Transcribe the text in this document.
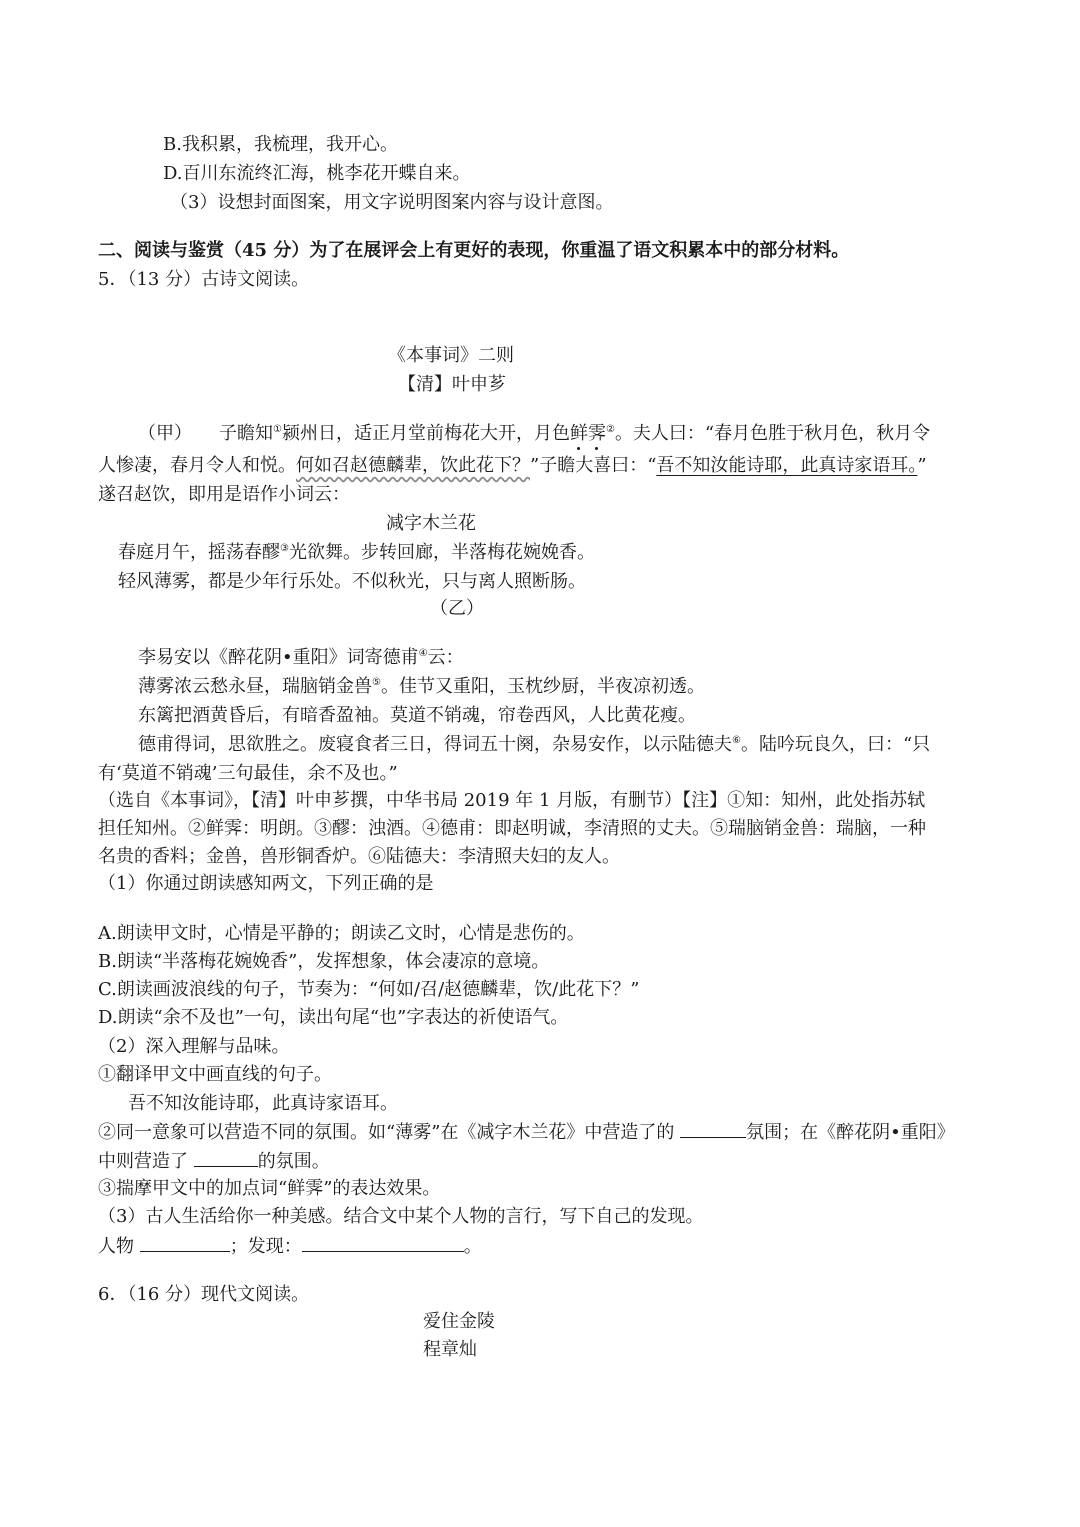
B.我积累，我梳理，我开心。
D.百川东流终汇海，桃李花开蝶自来。
（3）设想封面图案，用文字说明图案内容与设计意图。
二、阅读与鉴赏（45 分）为了在展评会上有更好的表现，你重温了语文积累本中的部分材料。
5．（13 分）古诗文阅读。
《本事词》二则
【清】叶申芗
（甲）　　子瞻知①颍州日，适正月堂前梅花大开，月色鲜霁②。夫人曰：“春月色胜于秋月色，秋月令
人惨凄，春月令人和悦。何如召赵德麟辈，饮此花下？”子瞻大喜曰：“吾不知汝能诗耶，此真诗家语耳。”
遂召赵饮，即用是语作小词云：
减字木兰花
春庭月午，摇荡春醪③光欲舞。步转回廊，半落梅花婉娩香。
轻风薄雾，都是少年行乐处。不似秋光，只与离人照断肠。
（乙）
李易安以《醉花阴•重阳》词寄德甫④云：
薄雾浓云愁永昼，瑞脑销金兽⑤。佳节又重阳，玉枕纱厨，半夜凉初透。
东篱把酒黄昏后，有暗香盈袖。莫道不销魂，帘卷西风，人比黄花瘦。
德甫得词，思欲胜之。废寝食者三日，得词五十阕，杂易安作，以示陆德夫⑥。陆吟玩良久，曰：“只
有‘莫道不销魂’三句最佳，余不及也。”
（选自《本事词》，【清】叶申芗撰，中华书局 2019 年 1 月版，有删节）【注】①知：知州，此处指苏轼
担任知州。②鲜霁：明朗。③醪：浊酒。④德甫：即赵明诚，李清照的丈夫。⑤瑞脑销金兽：瑞脑，一种
名贵的香料；金兽，兽形铜香炉。⑥陆德夫：李清照夫妇的友人。
（1）你通过朗读感知两文，下列正确的是
A.朗读甲文时，心情是平静的；朗读乙文时，心情是悲伤的。
B.朗读“半落梅花婉娩香”，发挥想象，体会凄凉的意境。
C.朗读画波浪线的句子，节奏为：“何如/召/赵德麟辈，饮/此花下？”
D.朗读“余不及也”一句，读出句尾“也”字表达的祈使语气。
（2）深入理解与品味。
①翻译甲文中画直线的句子。
吾不知汝能诗耶，此真诗家语耳。
②同一意象可以营造不同的氛围。如“薄雾”在《减字木兰花》中营造了的	氛围；在《醉花阴•重阳》
中则营造了	的氛围。
③揣摩甲文中的加点词“鲜霁”的表达效果。
（3）古人生活给你一种美感。结合文中某个人物的言行，写下自己的发现。
人物	；发现：	。
6．（16 分）现代文阅读。
爱住金陵
程章灿
